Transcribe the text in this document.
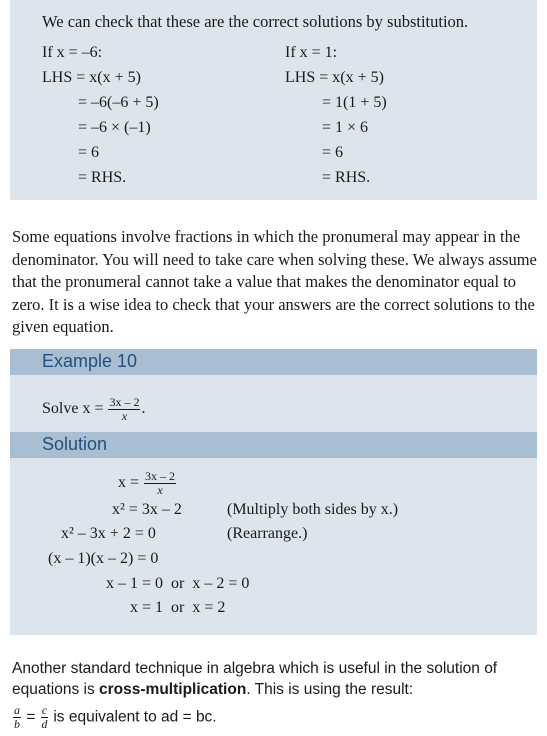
We can check that these are the correct solutions by substitution.
If x = –6:
LHS = x(x + 5)
= –6(–6 + 5)
= –6 × (–1)
= 6
= RHS.
If x = 1:
LHS = x(x + 5)
= 1(1 + 5)
= 1 × 6
= 6
= RHS.
Some equations involve fractions in which the pronumeral may appear in the denominator. You will need to take care when solving these. We always assume that the pronumeral cannot take a value that makes the denominator equal to zero. It is a wise idea to check that your answers are the correct solutions to the given equation.
Example 10
Solve $x = \frac{3x - 2}{x}$ .
Solution
$x = \frac{3x - 2}{x}$
x² = 3x – 2	(Multiply both sides by x.)
x² – 3x + 2 = 0	(Rearrange.)
(x – 1)(x – 2) = 0
x – 1 = 0  or  x – 2 = 0
x = 1  or  x = 2
Another standard technique in algebra which is useful in the solution of equations is cross-multiplication. This is using the result:
$\frac{a}{b} = \frac{c}{d}$ is equivalent to ad = bc.
